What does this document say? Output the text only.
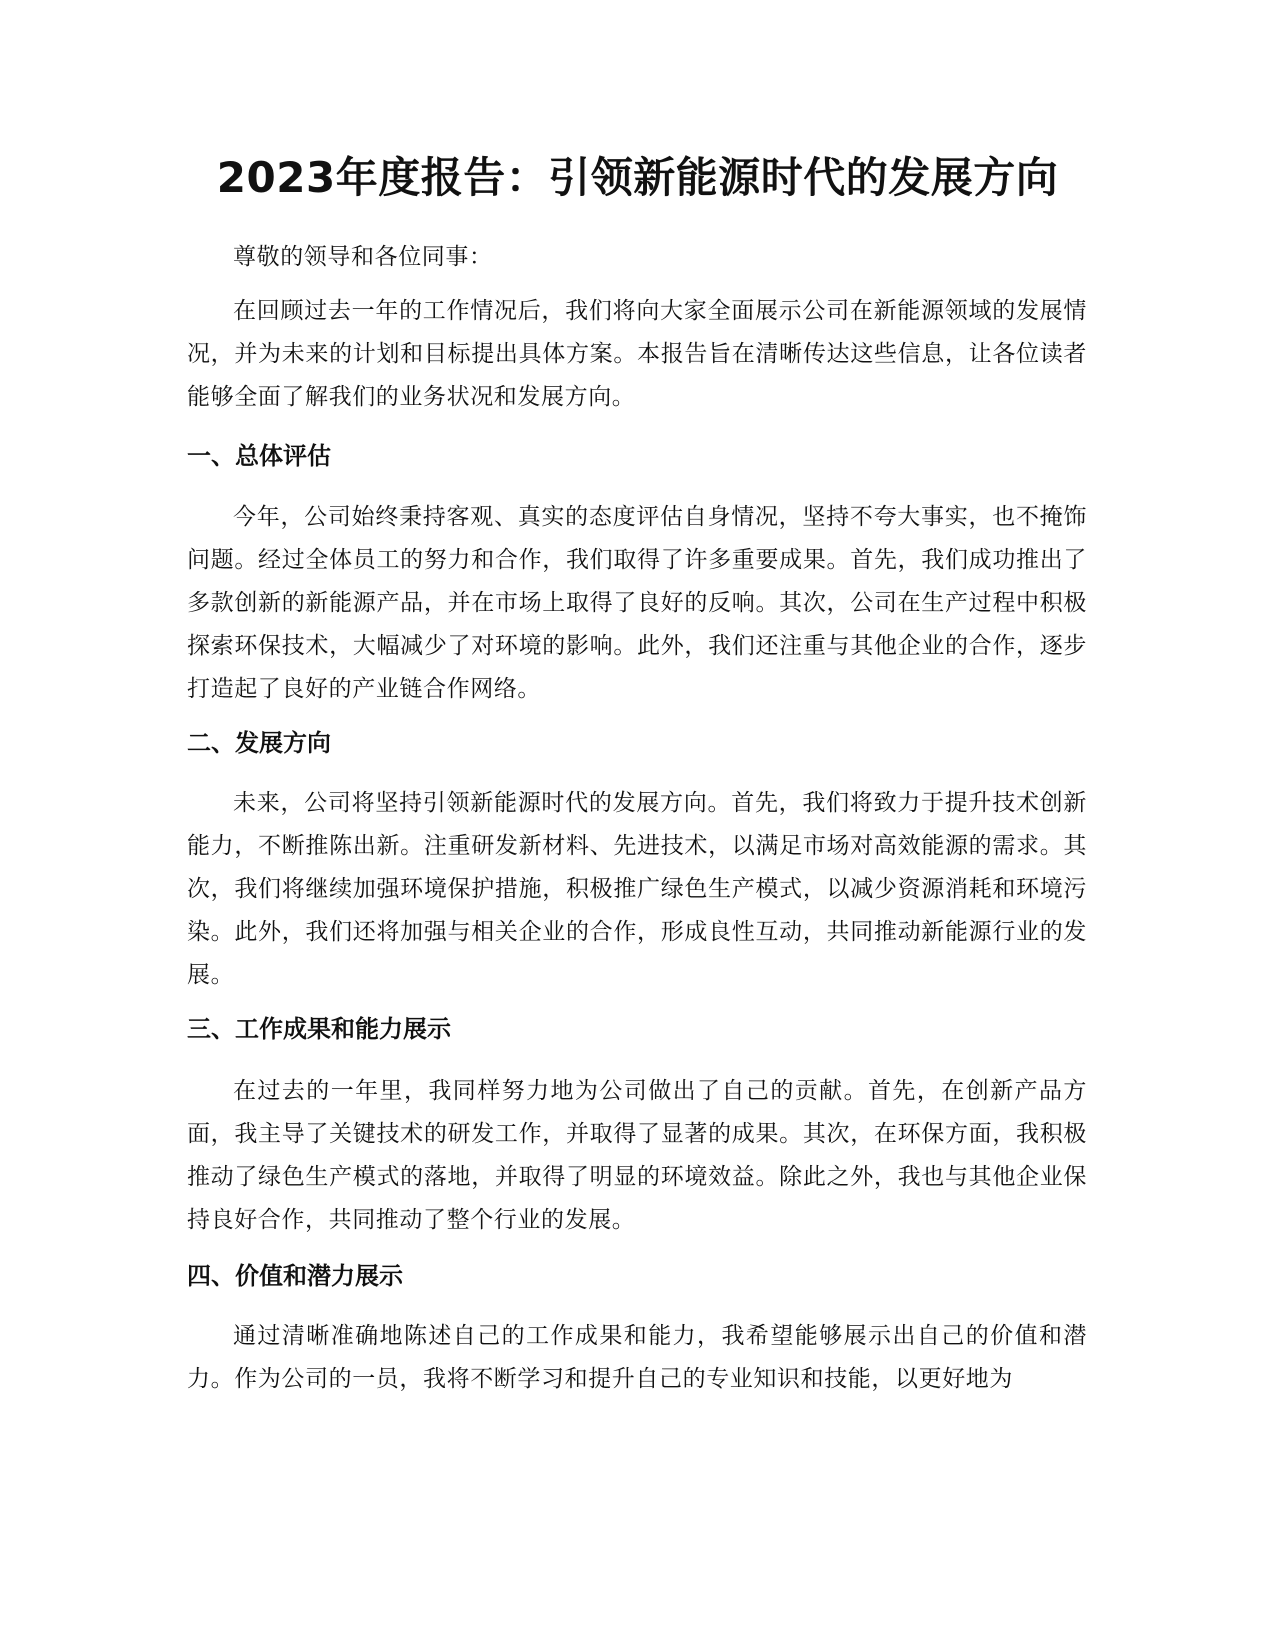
2023年度报告：引领新能源时代的发展方向

尊敬的领导和各位同事：

在回顾过去一年的工作情况后，我们将向大家全面展示公司在新能源领域的发展情况，并为未来的计划和目标提出具体方案。本报告旨在清晰传达这些信息，让各位读者能够全面了解我们的业务状况和发展方向。

一、总体评估

今年，公司始终秉持客观、真实的态度评估自身情况，坚持不夸大事实，也不掩饰问题。经过全体员工的努力和合作，我们取得了许多重要成果。首先，我们成功推出了多款创新的新能源产品，并在市场上取得了良好的反响。其次，公司在生产过程中积极探索环保技术，大幅减少了对环境的影响。此外，我们还注重与其他企业的合作，逐步打造起了良好的产业链合作网络。

二、发展方向

未来，公司将坚持引领新能源时代的发展方向。首先，我们将致力于提升技术创新能力，不断推陈出新。注重研发新材料、先进技术，以满足市场对高效能源的需求。其次，我们将继续加强环境保护措施，积极推广绿色生产模式，以减少资源消耗和环境污染。此外，我们还将加强与相关企业的合作，形成良性互动，共同推动新能源行业的发展。

三、工作成果和能力展示

在过去的一年里，我同样努力地为公司做出了自己的贡献。首先，在创新产品方面，我主导了关键技术的研发工作，并取得了显著的成果。其次，在环保方面，我积极推动了绿色生产模式的落地，并取得了明显的环境效益。除此之外，我也与其他企业保持良好合作，共同推动了整个行业的发展。

四、价值和潜力展示

通过清晰准确地陈述自己的工作成果和能力，我希望能够展示出自己的价值和潜力。作为公司的一员，我将不断学习和提升自己的专业知识和技能，以更好地为
